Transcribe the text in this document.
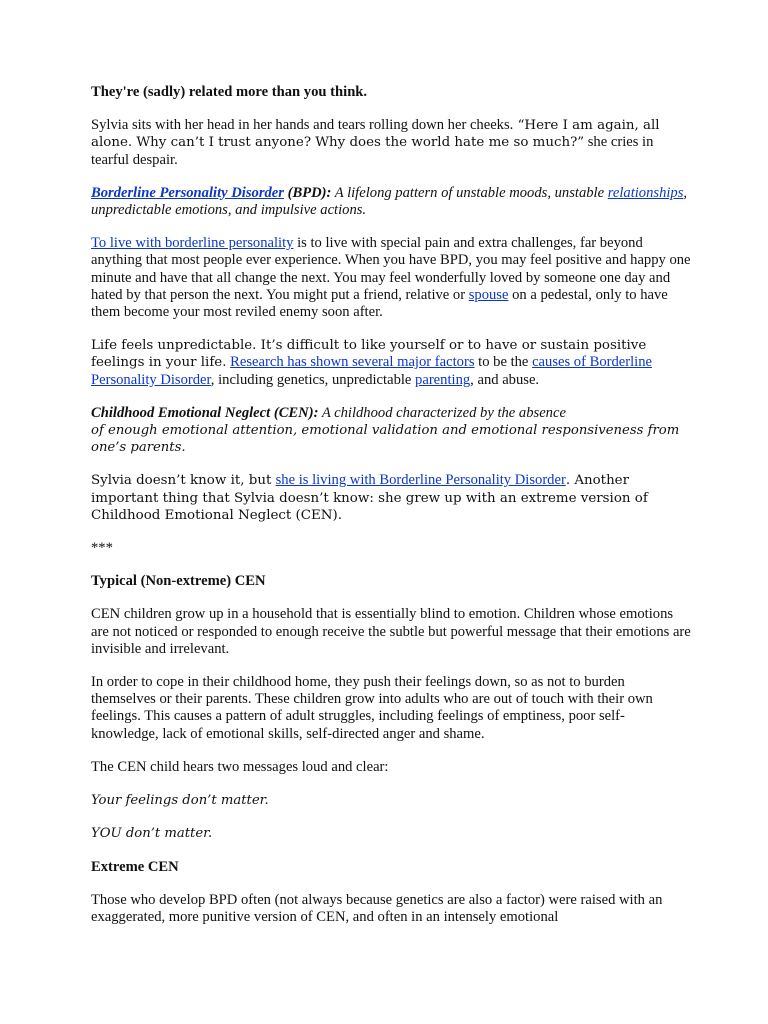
They're (sadly) related more than you think.

Sylvia sits with her head in her hands and tears rolling down her cheeks. “Here I am again, all alone. Why can’t I trust anyone? Why does the world hate me so much?” she cries in tearful despair.

Borderline Personality Disorder (BPD): A lifelong pattern of unstable moods, unstable relationships, unpredictable emotions, and impulsive actions.

To live with borderline personality is to live with special pain and extra challenges, far beyond anything that most people ever experience. When you have BPD, you may feel positive and happy one minute and have that all change the next. You may feel wonderfully loved by someone one day and hated by that person the next. You might put a friend, relative or spouse on a pedestal, only to have them become your most reviled enemy soon after.

Life feels unpredictable. It’s difficult to like yourself or to have or sustain positive feelings in your life. Research has shown several major factors to be the causes of Borderline Personality Disorder, including genetics, unpredictable parenting, and abuse.

Childhood Emotional Neglect (CEN): A childhood characterized by the absence
of enough emotional attention, emotional validation and emotional responsiveness from one’s parents.

Sylvia doesn’t know it, but she is living with Borderline Personality Disorder. Another important thing that Sylvia doesn’t know: she grew up with an extreme version of Childhood Emotional Neglect (CEN).

***

Typical (Non-extreme) CEN

CEN children grow up in a household that is essentially blind to emotion. Children whose emotions are not noticed or responded to enough receive the subtle but powerful message that their emotions are invisible and irrelevant.

In order to cope in their childhood home, they push their feelings down, so as not to burden themselves or their parents. These children grow into adults who are out of touch with their own feelings. This causes a pattern of adult struggles, including feelings of emptiness, poor self-knowledge, lack of emotional skills, self-directed anger and shame.

The CEN child hears two messages loud and clear:

Your feelings don’t matter.

YOU don’t matter.

Extreme CEN

Those who develop BPD often (not always because genetics are also a factor) were raised with an exaggerated, more punitive version of CEN, and often in an intensely emotional
